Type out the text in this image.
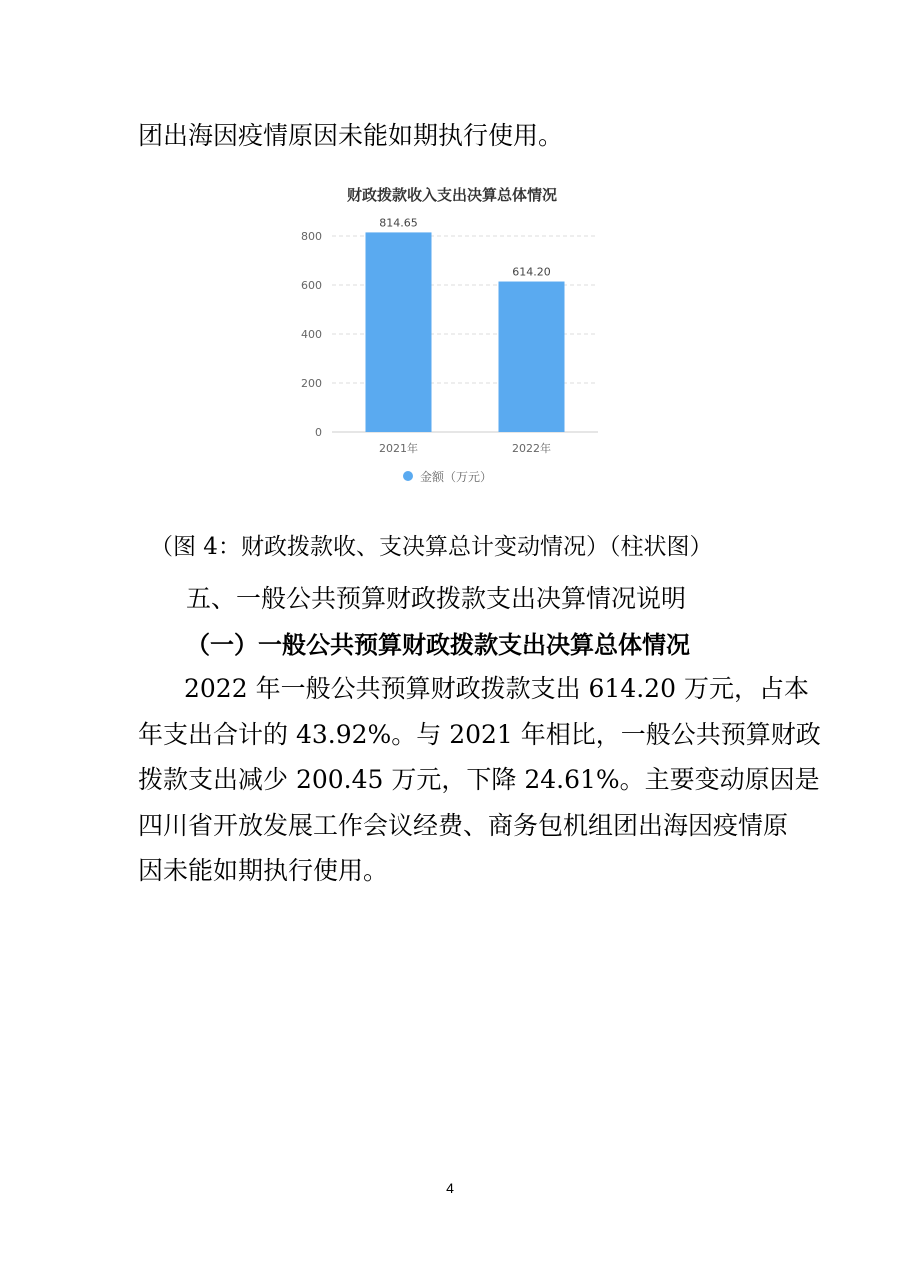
团出海因疫情原因未能如期执行使用。
财政拨款收入支出决算总体情况
814.65
614.20
2021年	2022年
0
200
400
600
800
金额（万元）
（图 4：财政拨款收、支决算总计变动情况）（柱状图）
五、一般公共预算财政拨款支出决算情况说明
（一）一般公共预算财政拨款支出决算总体情况
2022 年一般公共预算财政拨款支出 614.20 万元，占本
年支出合计的 43.92%。与 2021 年相比，一般公共预算财政
拨款支出减少 200.45 万元，下降 24.61%。主要变动原因是
四川省开放发展工作会议经费、商务包机组团出海因疫情原
因未能如期执行使用。
4
